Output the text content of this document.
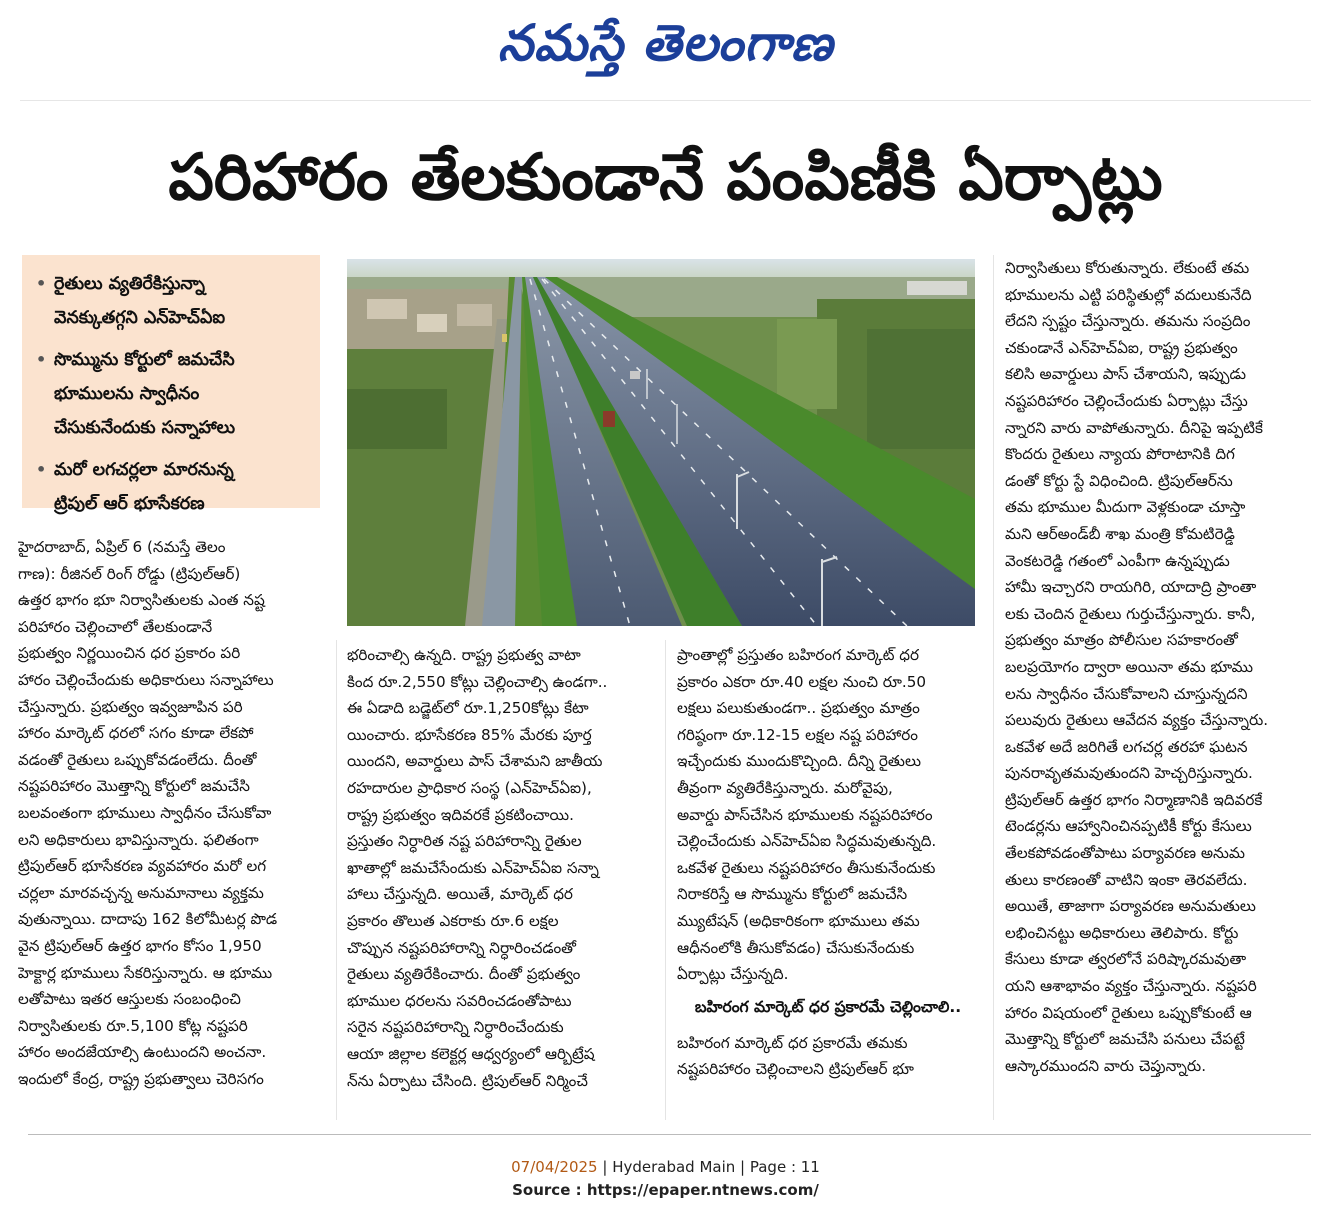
నమస్తే తెలంగాణ
పరిహారం తేలకుండానే పంపిణీకి ఏర్పాట్లు
• రైతులు వ్యతిరేకిస్తున్నా
వెనక్కుతగ్గని ఎన్‌హెచ్‌ఏఐ
• సొమ్మును కోర్టులో జమచేసి
భూములను స్వాధీనం
చేసుకునేందుకు సన్నాహాలు
• మరో లగచర్లలా మారనున్న
ట్రిపుల్‌ ఆర్‌ భూసేకరణ
హైదరాబాద్‌, ఏప్రిల్‌ 6 (నమస్తే తెలం
గాణ): రీజినల్‌ రింగ్‌ రోడ్డు (ట్రిపుల్‌ఆర్‌)
ఉత్తర భాగం భూ నిర్వాసితులకు ఎంత నష్ట
పరిహారం చెల్లించాలో తేలకుండానే
ప్రభుత్వం నిర్ణయించిన ధర ప్రకారం పరి
హారం చెల్లించేందుకు అధికారులు సన్నాహాలు
చేస్తున్నారు. ప్రభుత్వం ఇవ్వజూపిన పరి
హారం మార్కెట్‌ ధరలో సగం కూడా లేకపో
వడంతో రైతులు ఒప్పుకోవడంలేదు. దీంతో
నష్టపరిహారం మొత్తాన్ని కోర్టులో జమచేసి
బలవంతంగా భూములు స్వాధీనం చేసుకోవా
లని అధికారులు భావిస్తున్నారు. ఫలితంగా
ట్రిపుల్‌ఆర్‌ భూసేకరణ వ్యవహారం మరో లగ
చర్లలా మారవచ్చన్న అనుమానాలు వ్యక్తమ
వుతున్నాయి. దాదాపు 162 కిలోమీటర్ల పొడ
వైన ట్రిపుల్‌ఆర్‌ ఉత్తర భాగం కోసం 1,950
హెక్టార్ల భూములు సేకరిస్తున్నారు. ఆ భూము
లతోపాటు ఇతర ఆస్తులకు సంబంధించి
నిర్వాసితులకు రూ.5,100 కోట్ల నష్టపరి
హారం అందజేయాల్సి ఉంటుందని అంచనా.
ఇందులో కేంద్ర, రాష్ట్ర ప్రభుత్వాలు చెరిసగం
భరించాల్సి ఉన్నది. రాష్ట్ర ప్రభుత్వ వాటా
కింద రూ.2,550 కోట్లు చెల్లించాల్సి ఉండగా..
ఈ ఏడాది బడ్జెట్‌లో రూ.1,250కోట్లు కేటా
యించారు. భూసేకరణ 85% మేరకు పూర్త
యిందని, అవార్డులు పాస్‌ చేశామని జాతీయ
రహదారుల ప్రాధికార సంస్థ (ఎన్‌హెచ్‌ఏఐ),
రాష్ట్ర ప్రభుత్వం ఇదివరకే ప్రకటించాయి.
ప్రస్తుతం నిర్ధారిత నష్ట పరిహారాన్ని రైతుల
ఖాతాల్లో జమచేసేందుకు ఎన్‌హెచ్‌ఏఐ సన్నా
హాలు చేస్తున్నది. అయితే, మార్కెట్‌ ధర
ప్రకారం తొలుత ఎకరాకు రూ.6 లక్షల
చొప్పున నష్టపరిహారాన్ని నిర్ధారించడంతో
రైతులు వ్యతిరేకించారు. దీంతో ప్రభుత్వం
భూముల ధరలను సవరించడంతోపాటు
సరైన నష్టపరిహారాన్ని నిర్ధారించేందుకు
ఆయా జిల్లాల కలెక్టర్ల ఆధ్వర్యంలో ఆర్బిట్రేష
న్‌ను ఏర్పాటు చేసింది. ట్రిపుల్‌ఆర్‌ నిర్మించే
ప్రాంతాల్లో ప్రస్తుతం బహిరంగ మార్కెట్‌ ధర
ప్రకారం ఎకరా రూ.40 లక్షల నుంచి రూ.50
లక్షలు పలుకుతుండగా.. ప్రభుత్వం మాత్రం
గరిష్ఠంగా రూ.12-15 లక్షల నష్ట పరిహారం
ఇచ్చేందుకు ముందుకొచ్చింది. దీన్ని రైతులు
తీవ్రంగా వ్యతిరేకిస్తున్నారు. మరోవైపు,
అవార్డు పాస్‌చేసిన భూములకు నష్టపరిహారం
చెల్లించేందుకు ఎన్‌హెచ్‌ఏఐ సిద్ధమవుతున్నది.
ఒకవేళ రైతులు నష్టపరిహారం తీసుకునేందుకు
నిరాకరిస్తే ఆ సొమ్మును కోర్టులో జమచేసి
మ్యుటేషన్‌ (అధికారికంగా భూములు తమ
ఆధీనంలోకి తీసుకోవడం) చేసుకునేందుకు
ఏర్పాట్లు చేస్తున్నది.
బహిరంగ మార్కెట్‌ ధర ప్రకారమే చెల్లించాలి..
బహిరంగ మార్కెట్‌ ధర ప్రకారమే తమకు
నష్టపరిహారం చెల్లించాలని ట్రిపుల్‌ఆర్‌ భూ
నిర్వాసితులు కోరుతున్నారు. లేకుంటే తమ
భూములను ఎట్టి పరిస్థితుల్లో వదులుకునేది
లేదని స్పష్టం చేస్తున్నారు. తమను సంప్రదిం
చకుండానే ఎన్‌హెచ్‌ఏఐ, రాష్ట్ర ప్రభుత్వం
కలిసి అవార్డులు పాస్‌ చేశాయని, ఇప్పుడు
నష్టపరిహారం చెల్లించేందుకు ఏర్పాట్లు చేస్తు
న్నారని వారు వాపోతున్నారు. దీనిపై ఇప్పటికే
కొందరు రైతులు న్యాయ పోరాటానికి దిగ
డంతో కోర్టు స్టే విధించింది. ట్రిపుల్‌ఆర్‌ను
తమ భూముల మీదుగా వెళ్లకుండా చూస్తా
మని ఆర్‌అండ్‌బీ శాఖ మంత్రి కోమటిరెడ్డి
వెంకటరెడ్డి గతంలో ఎంపీగా ఉన్నప్పుడు
హామీ ఇచ్చారని రాయగిరి, యాదాద్రి ప్రాంతా
లకు చెందిన రైతులు గుర్తుచేస్తున్నారు. కానీ,
ప్రభుత్వం మాత్రం పోలీసుల సహకారంతో
బలప్రయోగం ద్వారా అయినా తమ భూము
లను స్వాధీనం చేసుకోవాలని చూస్తున్నదని
పలువురు రైతులు ఆవేదన వ్యక్తం చేస్తున్నారు.
ఒకవేళ అదే జరిగితే లగచర్ల తరహా ఘటన
పునరావృతమవుతుందని హెచ్చరిస్తున్నారు.
ట్రిపుల్‌ఆర్‌ ఉత్తర భాగం నిర్మాణానికి ఇదివరకే
టెండర్లను ఆహ్వానించినప్పటికీ కోర్టు కేసులు
తేలకపోవడంతోపాటు పర్యావరణ అనుమ
తులు కారణంతో వాటిని ఇంకా తెరవలేదు.
అయితే, తాజాగా పర్యావరణ అనుమతులు
లభించినట్టు అధికారులు తెలిపారు. కోర్టు
కేసులు కూడా త్వరలోనే పరిష్కారమవుతా
యని ఆశాభావం వ్యక్తం చేస్తున్నారు. నష్టపరి
హారం విషయంలో రైతులు ఒప్పుకోకుంటే ఆ
మొత్తాన్ని కోర్టులో జమచేసి పనులు చేపట్టే
ఆస్కారముందని వారు చెప్తున్నారు.
07/04/2025 | Hyderabad Main | Page : 11
Source : https://epaper.ntnews.com/
